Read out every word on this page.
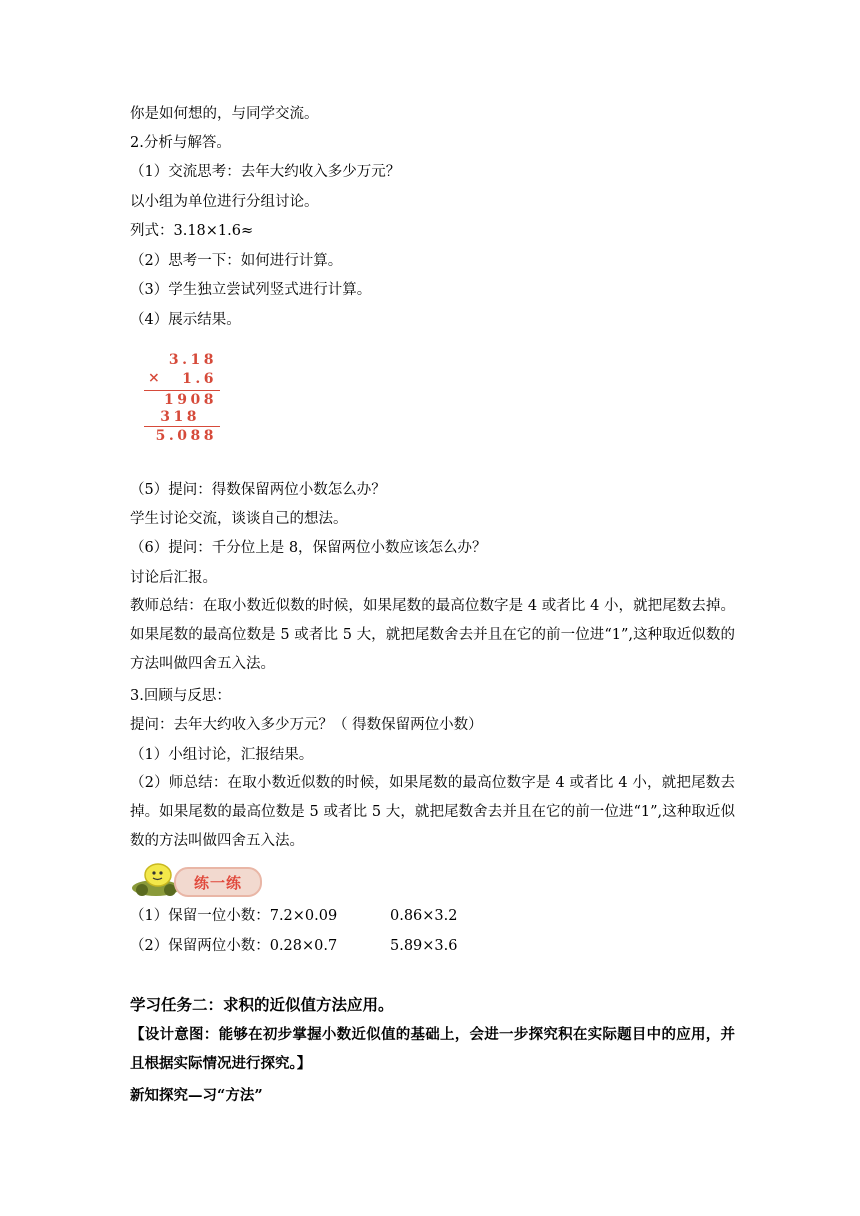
你是如何想的，与同学交流。
2.分析与解答。
（1）交流思考：去年大约收入多少万元？
以小组为单位进行分组讨论。
列式：3.18×1.6≈
（2）思考一下：如何进行计算。
（3）学生独立尝试列竖式进行计算。
（4）展示结果。
3.18
× 1.6
1908
318
5.088
（5）提问：得数保留两位小数怎么办？
学生讨论交流，谈谈自己的想法。
（6）提问：千分位上是 8，保留两位小数应该怎么办？
讨论后汇报。
教师总结：在取小数近似数的时候，如果尾数的最高位数字是 4 或者比 4 小，就把尾数去掉。如果尾数的最高位数是 5 或者比 5 大，就把尾数舍去并且在它的前一位进“1”,这种取近似数的方法叫做四舍五入法。
3.回顾与反思：
提问：去年大约收入多少万元？（ 得数保留两位小数）
（1）小组讨论，汇报结果。
（2）师总结：在取小数近似数的时候，如果尾数的最高位数字是 4 或者比 4 小，就把尾数去掉。如果尾数的最高位数是 5 或者比 5 大，就把尾数舍去并且在它的前一位进“1”,这种取近似数的方法叫做四舍五入法。
练一练
（1）保留一位小数：7.2×0.09	0.86×3.2
（2）保留两位小数：0.28×0.7	5.89×3.6
学习任务二：求积的近似值方法应用。
【设计意图：能够在初步掌握小数近似值的基础上，会进一步探究积在实际题目中的应用，并且根据实际情况进行探究。】
新知探究—习“方法”
